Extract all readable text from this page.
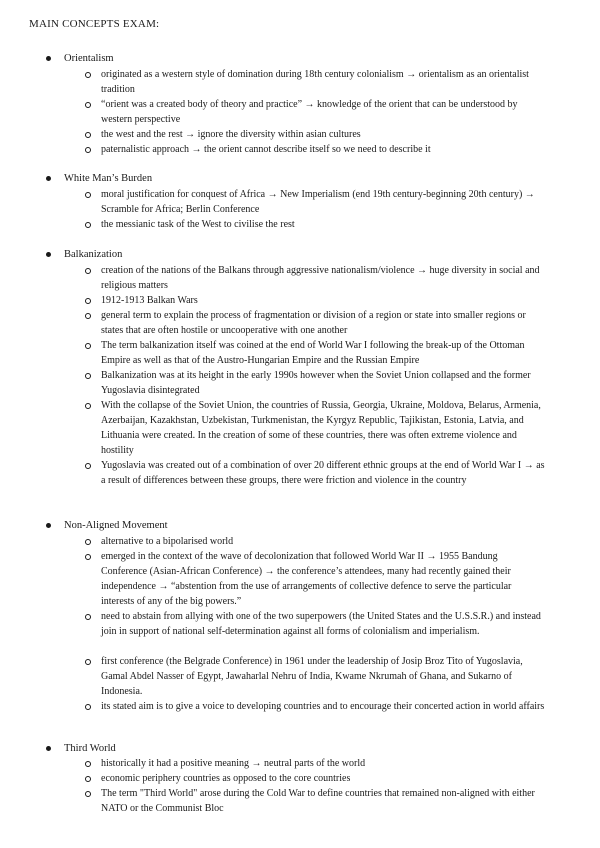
MAIN CONCEPTS EXAM:
Orientalism
originated as a western style of domination during 18th century colonialism → orientalism as an orientalist tradition
“orient was a created body of theory and practice” → knowledge of the orient that can be understood by western perspective
the west and the rest → ignore the diversity within asian cultures
paternalistic approach → the orient cannot describe itself so we need to describe it
White Man’s Burden
moral justification for conquest of Africa → New Imperialism (end 19th century-beginning 20th century) → Scramble for Africa; Berlin Conference
the messianic task of the West to civilise the rest
Balkanization
creation of the nations of the Balkans through aggressive nationalism/violence → huge diversity in social and religious matters
1912-1913 Balkan Wars
general term to explain the process of fragmentation or division of a region or state into smaller regions or states that are often hostile or uncooperative with one another
The term balkanization itself was coined at the end of World War I following the break-up of the Ottoman Empire as well as that of the Austro-Hungarian Empire and the Russian Empire
Balkanization was at its height in the early 1990s however when the Soviet Union collapsed and the former Yugoslavia disintegrated
With the collapse of the Soviet Union, the countries of Russia, Georgia, Ukraine, Moldova, Belarus, Armenia, Azerbaijan, Kazakhstan, Uzbekistan, Turkmenistan, the Kyrgyz Republic, Tajikistan, Estonia, Latvia, and Lithuania were created. In the creation of some of these countries, there was often extreme violence and hostility
Yugoslavia was created out of a combination of over 20 different ethnic groups at the end of World War I → as a result of differences between these groups, there were friction and violence in the country
Non-Aligned Movement
alternative to a bipolarised world
emerged in the context of the wave of decolonization that followed World War II → 1955 Bandung Conference (Asian-African Conference) → the conference’s attendees, many had recently gained their independence → “abstention from the use of arrangements of collective defence to serve the particular interests of any of the big powers.”
need to abstain from allying with one of the two superpowers (the United States and the U.S.S.R.) and instead join in support of national self-determination against all forms of colonialism and imperialism.
first conference (the Belgrade Conference) in 1961 under the leadership of Josip Broz Tito of Yugoslavia, Gamal Abdel Nasser of Egypt, Jawaharlal Nehru of India, Kwame Nkrumah of Ghana, and Sukarno of Indonesia.
its stated aim is to give a voice to developing countries and to encourage their concerted action in world affairs
Third World
historically it had a positive meaning → neutral parts of the world
economic periphery countries as opposed to the core countries
The term "Third World" arose during the Cold War to define countries that remained non-aligned with either NATO or the Communist Bloc
